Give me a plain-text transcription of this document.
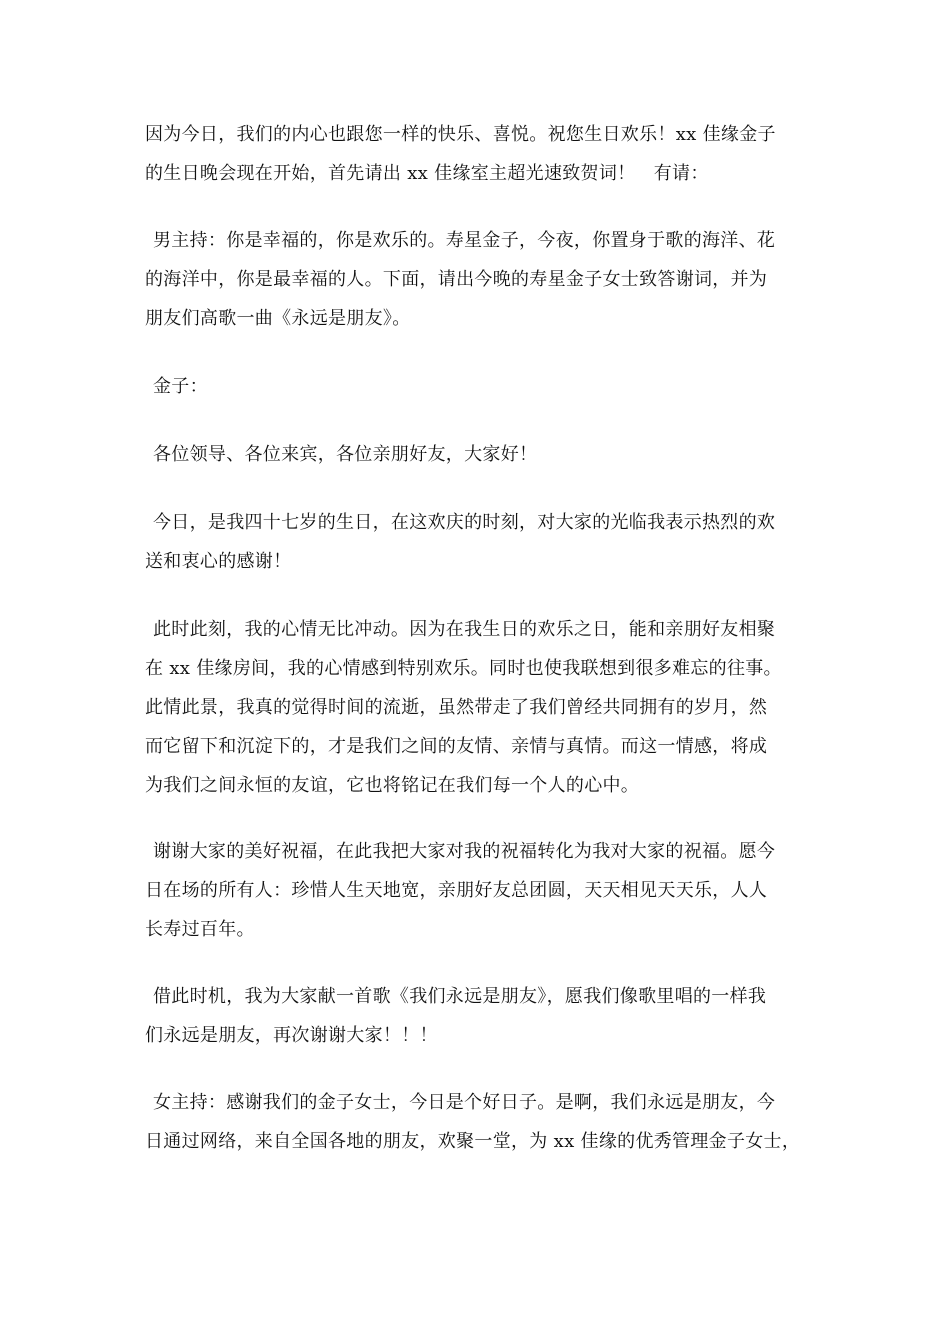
因为今日，我们的内心也跟您一样的快乐、喜悦。祝您生日欢乐！xx 佳缘金子
的生日晚会现在开始，首先请出 xx 佳缘室主超光速致贺词！　有请：
男主持：你是幸福的，你是欢乐的。寿星金子，今夜，你置身于歌的海洋、花
的海洋中，你是最幸福的人。下面，请出今晚的寿星金子女士致答谢词，并为
朋友们高歌一曲《永远是朋友》。
金子：
各位领导、各位来宾，各位亲朋好友，大家好！
今日，是我四十七岁的生日，在这欢庆的时刻，对大家的光临我表示热烈的欢
送和衷心的感谢！
此时此刻，我的心情无比冲动。因为在我生日的欢乐之日，能和亲朋好友相聚
在 xx 佳缘房间，我的心情感到特别欢乐。同时也使我联想到很多难忘的往事。
此情此景，我真的觉得时间的流逝，虽然带走了我们曾经共同拥有的岁月，然
而它留下和沉淀下的，才是我们之间的友情、亲情与真情。而这一情感，将成
为我们之间永恒的友谊，它也将铭记在我们每一个人的心中。
谢谢大家的美好祝福，在此我把大家对我的祝福转化为我对大家的祝福。愿今
日在场的所有人：珍惜人生天地宽，亲朋好友总团圆，天天相见天天乐，人人
长寿过百年。
借此时机，我为大家献一首歌《我们永远是朋友》，愿我们像歌里唱的一样我
们永远是朋友，再次谢谢大家！！！
女主持：感谢我们的金子女士，今日是个好日子。是啊，我们永远是朋友，今
日通过网络，来自全国各地的朋友，欢聚一堂，为 xx 佳缘的优秀管理金子女士，
